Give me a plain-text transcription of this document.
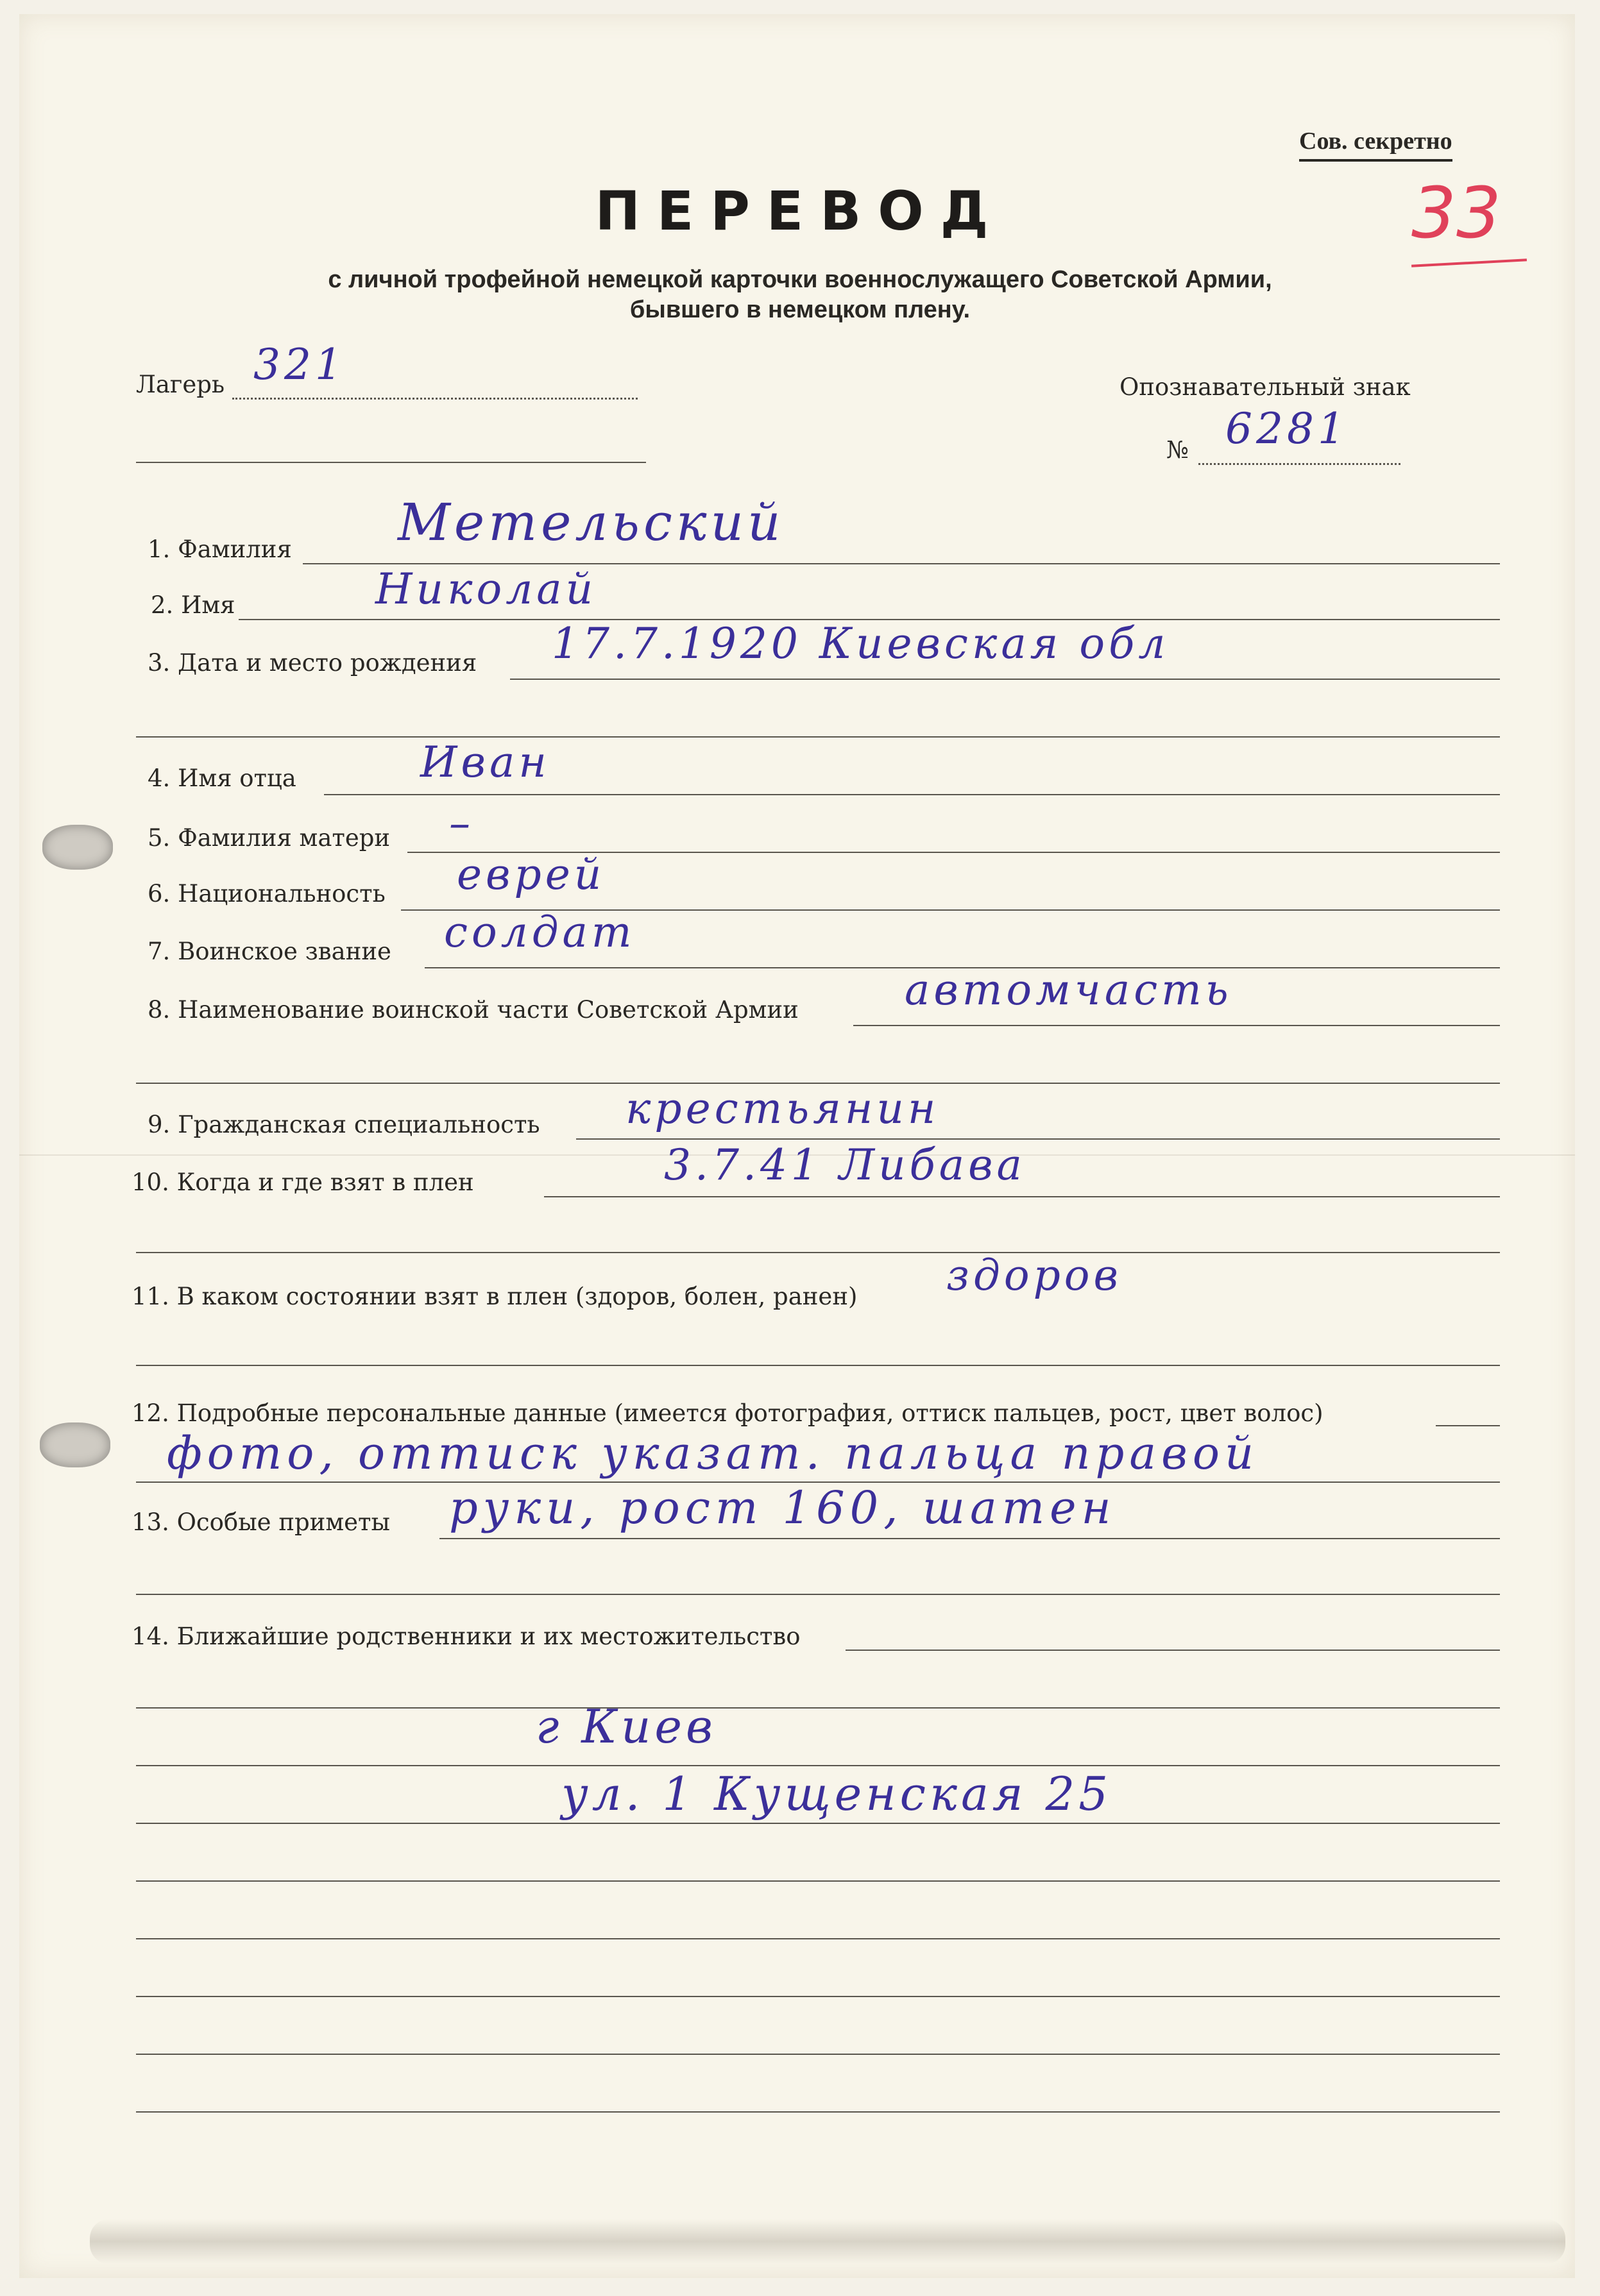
Сов. секретно
33
ПЕРЕВОД
с личной трофейной немецкой карточки военнослужащего Советской Армии,
бывшего в немецком плену.
Лагерь 321	Опознавательный знак
№ 6281
1. Фамилия Метельский
2. Имя	Николай
3. Дата и место рождения 17.7.1920 Киевская обл
4. Имя отца	Иван
5. Фамилия матери –
6. Национальность еврей
7. Воинское звание солдат
8. Наименование воинской части Советской Армии	автомчасть
9. Гражданская специальность крестьянин
10. Когда и где взят в плен	3.7.41 Либава
11. В каком состоянии взят в плен (здоров, болен, ранен) здоров
12. Подробные персональные данные (имеется фотография, оттиск пальцев, рост, цвет волос)
фото, оттиск указат. пальца правой
13. Особые приметы руки, рост 160, шатен
14. Ближайшие родственники и их местожительство
г Киев
ул. 1 Кущенская 25
